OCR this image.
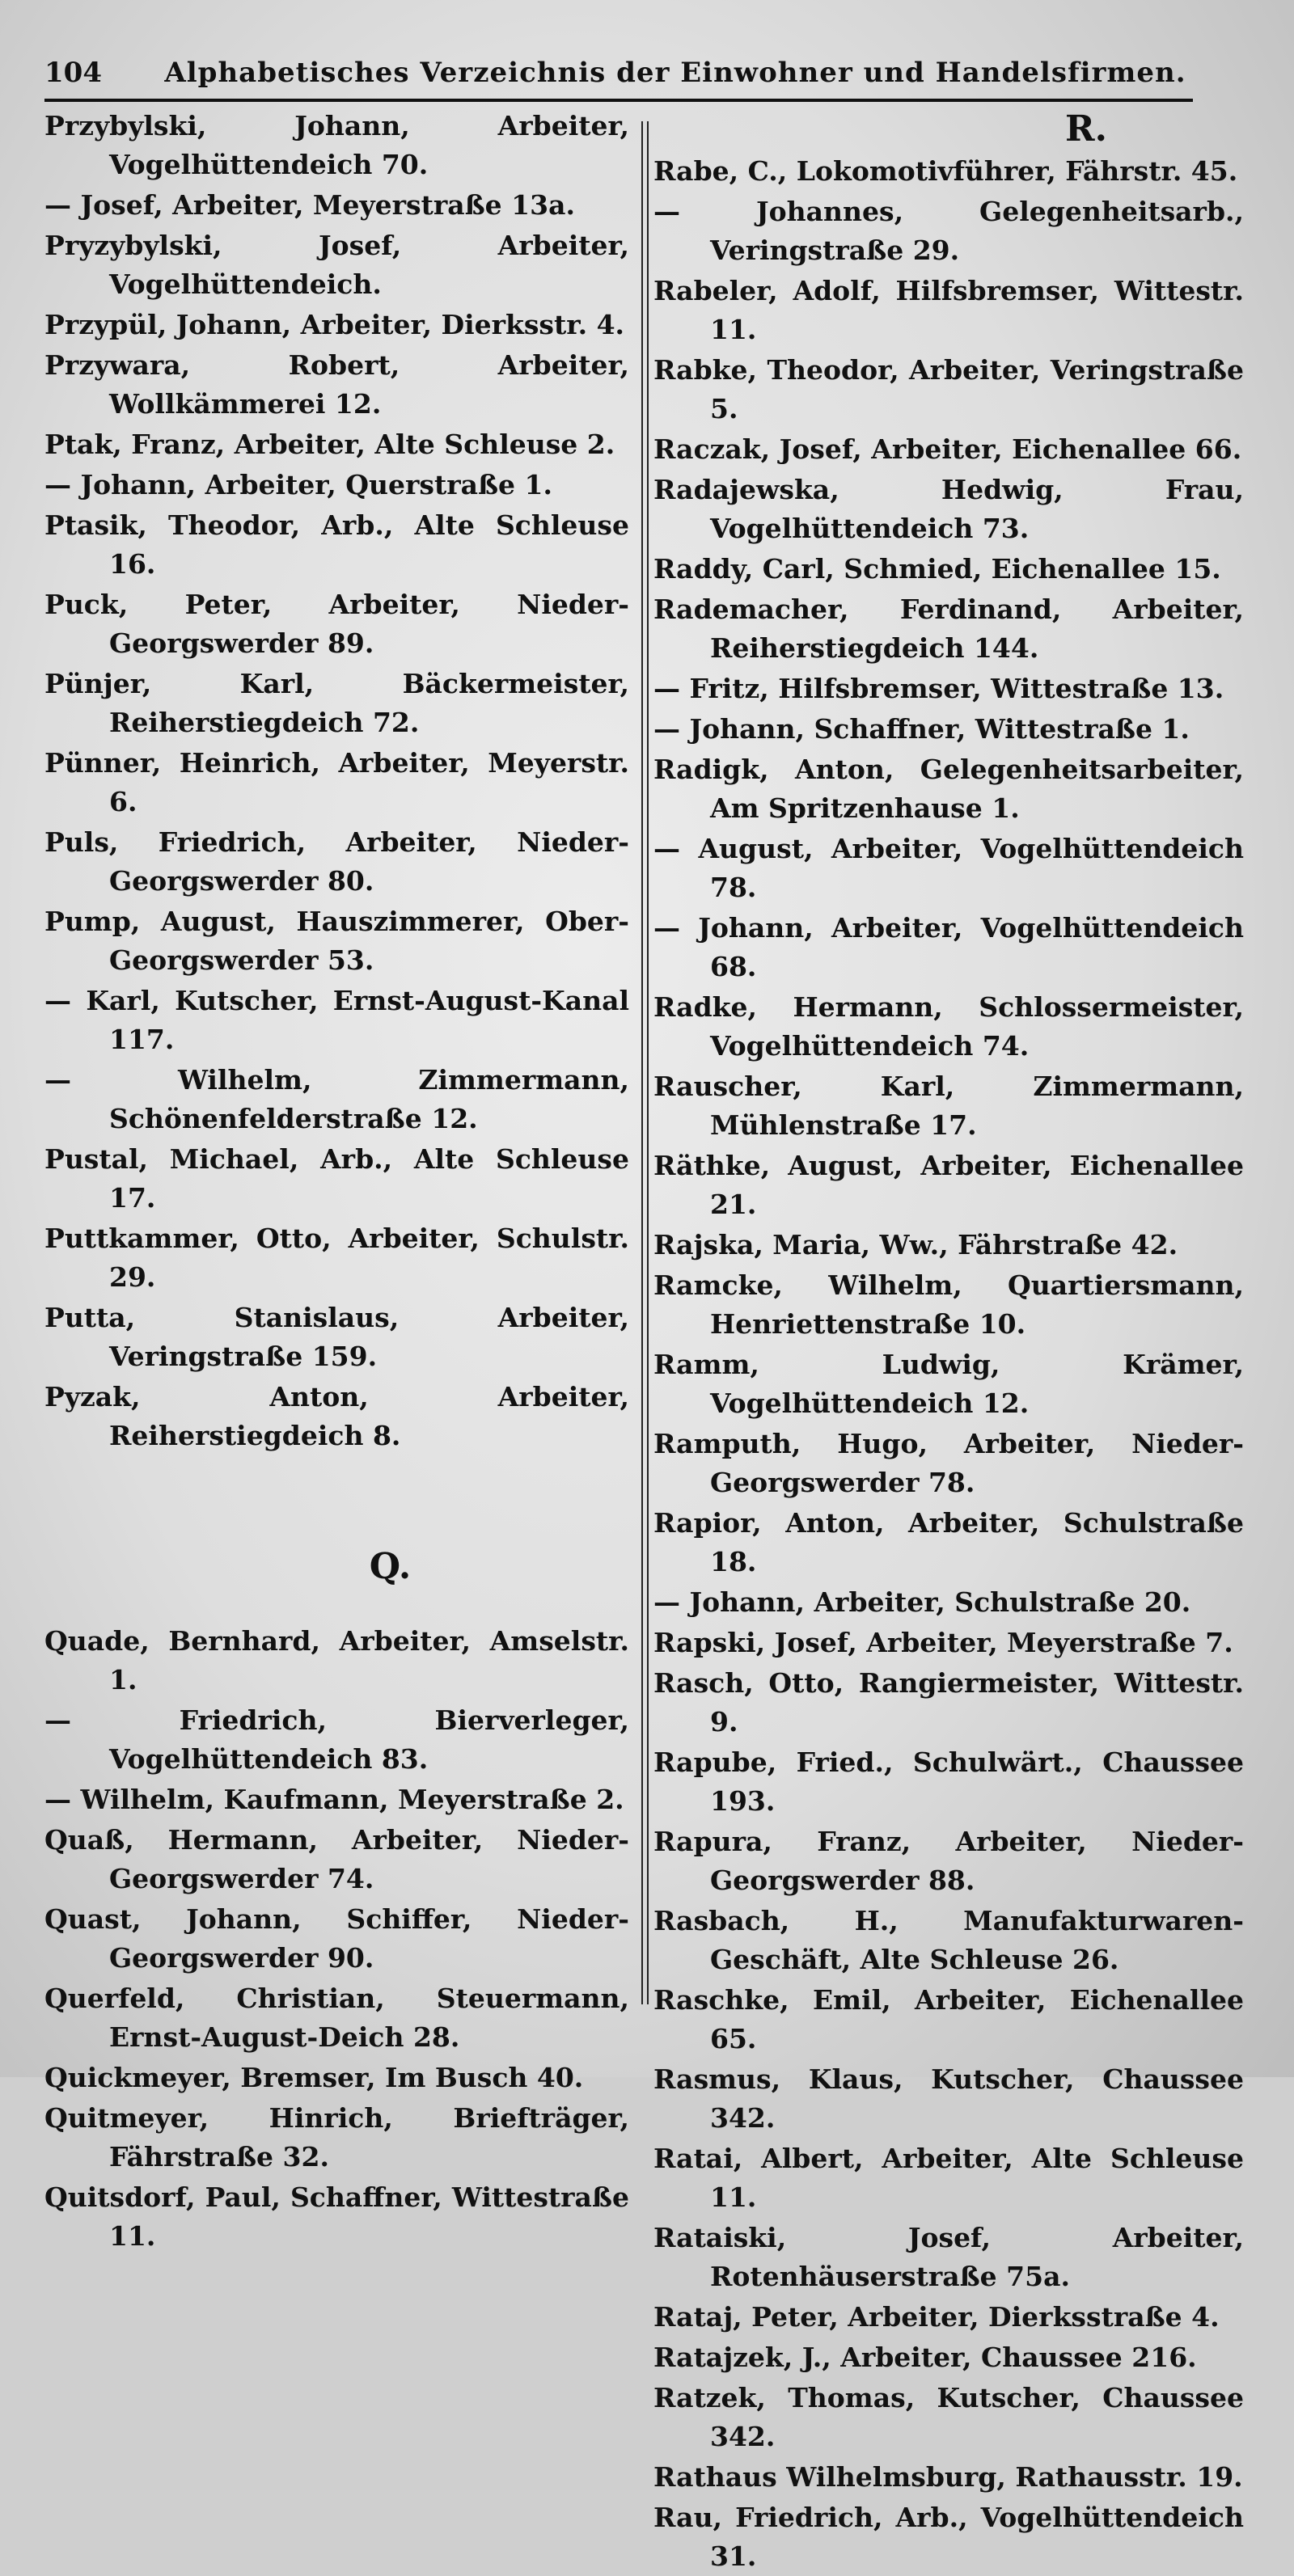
104	Alphabetisches Verzeichnis der Einwohner und Handelsfirmen.

Przybylski, Johann, Arbeiter, Vogelhüttendeich 70.

— Josef, Arbeiter, Meyerstraße 13a.

Pryzybylski, Josef, Arbeiter, Vogelhüttendeich.

Przypül, Johann, Arbeiter, Dierksstr. 4.

Przywara, Robert, Arbeiter, Wollkämmerei 12.

Ptak, Franz, Arbeiter, Alte Schleuse 2.

— Johann, Arbeiter, Querstraße 1.

Ptasik, Theodor, Arb., Alte Schleuse 16.

Puck, Peter, Arbeiter, Nieder-Georgswerder 89.

Pünjer, Karl, Bäckermeister, Reiherstiegdeich 72.

Pünner, Heinrich, Arbeiter, Meyerstr. 6.

Puls, Friedrich, Arbeiter, Nieder-Georgswerder 80.

Pump, August, Hauszimmerer, Ober-Georgswerder 53.

— Karl, Kutscher, Ernst-August-Kanal 117.

— Wilhelm, Zimmermann, Schönenfelderstraße 12.

Pustal, Michael, Arb., Alte Schleuse 17.

Puttkammer, Otto, Arbeiter, Schulstr. 29.

Putta, Stanislaus, Arbeiter, Veringstraße 159.

Pyzak, Anton, Arbeiter, Reiherstiegdeich 8.

Q.

Quade, Bernhard, Arbeiter, Amselstr. 1.

— Friedrich, Bierverleger, Vogelhüttendeich 83.

— Wilhelm, Kaufmann, Meyerstraße 2.

Quaß, Hermann, Arbeiter, Nieder-Georgswerder 74.

Quast, Johann, Schiffer, Nieder-Georgswerder 90.

Querfeld, Christian, Steuermann, Ernst-August-Deich 28.

Quickmeyer, Bremser, Im Busch 40.

Quitmeyer, Hinrich, Briefträger, Fährstraße 32.

Quitsdorf, Paul, Schaffner, Wittestraße 11.

R.

Rabe, C., Lokomotivführer, Fährstr. 45.

— Johannes, Gelegenheitsarb., Veringstraße 29.

Rabeler, Adolf, Hilfsbremser, Wittestr. 11.

Rabke, Theodor, Arbeiter, Veringstraße 5.

Raczak, Josef, Arbeiter, Eichenallee 66.

Radajewska, Hedwig, Frau, Vogelhüttendeich 73.

Raddy, Carl, Schmied, Eichenallee 15.

Rademacher, Ferdinand, Arbeiter, Reiherstiegdeich 144.

— Fritz, Hilfsbremser, Wittestraße 13.

— Johann, Schaffner, Wittestraße 1.

Radigk, Anton, Gelegenheitsarbeiter, Am Spritzenhause 1.

— August, Arbeiter, Vogelhüttendeich 78.

— Johann, Arbeiter, Vogelhüttendeich 68.

Radke, Hermann, Schlossermeister, Vogelhüttendeich 74.

Rauscher, Karl, Zimmermann, Mühlenstraße 17.

Räthke, August, Arbeiter, Eichenallee 21.

Rajska, Maria, Ww., Fährstraße 42.

Ramcke, Wilhelm, Quartiersmann, Henriettenstraße 10.

Ramm, Ludwig, Krämer, Vogelhüttendeich 12.

Ramputh, Hugo, Arbeiter, Nieder-Georgswerder 78.

Rapior, Anton, Arbeiter, Schulstraße 18.

— Johann, Arbeiter, Schulstraße 20.

Rapski, Josef, Arbeiter, Meyerstraße 7.

Rasch, Otto, Rangiermeister, Wittestr. 9.

Rapube, Fried., Schulwärt., Chaussee 193.

Rapura, Franz, Arbeiter, Nieder-Georgswerder 88.

Rasbach, H., Manufakturwaren-Geschäft, Alte Schleuse 26.

Raschke, Emil, Arbeiter, Eichenallee 65.

Rasmus, Klaus, Kutscher, Chaussee 342.

Ratai, Albert, Arbeiter, Alte Schleuse 11.

Rataiski, Josef, Arbeiter, Rotenhäuserstraße 75a.

Rataj, Peter, Arbeiter, Dierksstraße 4.

Ratajzek, J., Arbeiter, Chaussee 216.

Ratzek, Thomas, Kutscher, Chaussee 342.

Rathaus Wilhelmsburg, Rathausstr. 19.

Rau, Friedrich, Arb., Vogelhüttendeich 31.
